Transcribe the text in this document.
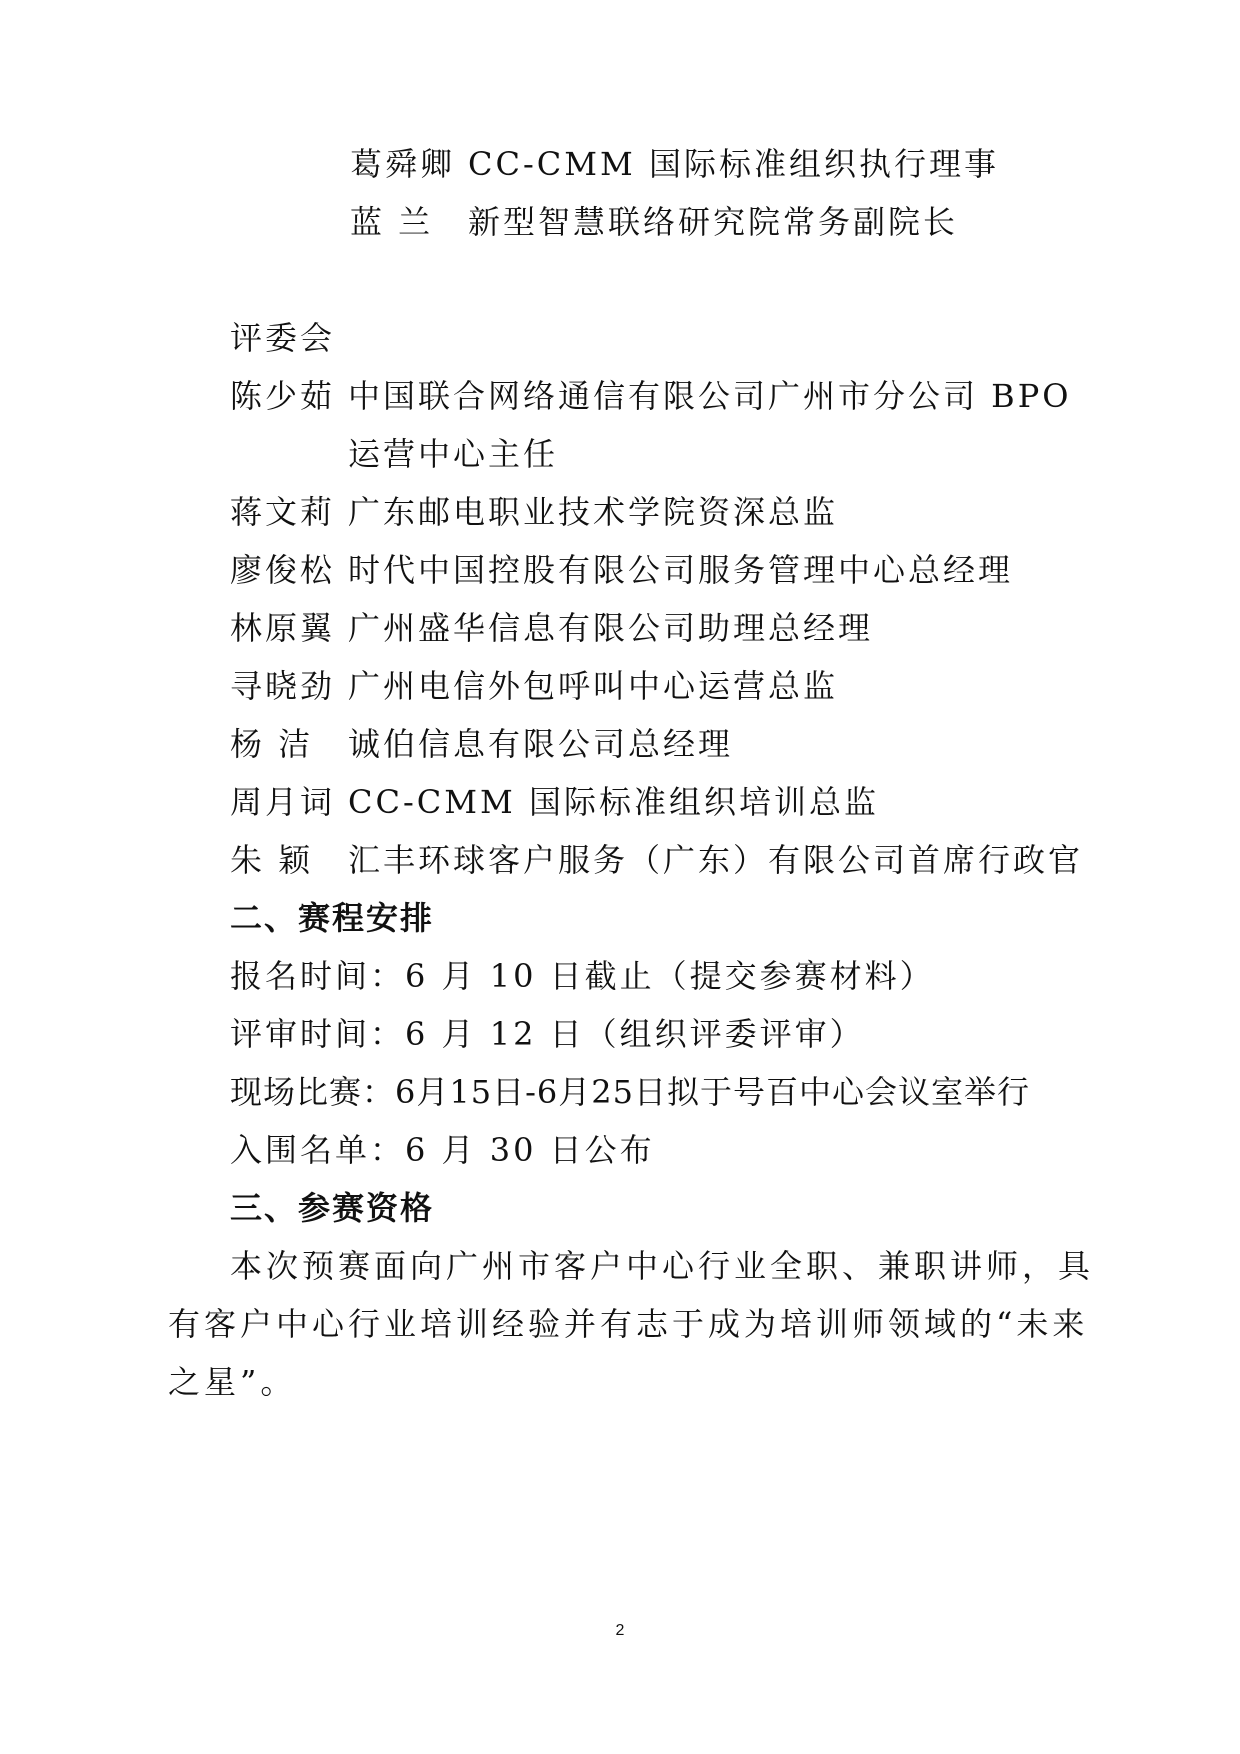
葛舜卿 CC-CMM 国际标准组织执行理事
蓝 兰 新型智慧联络研究院常务副院长
评委会
陈少茹 中国联合网络通信有限公司广州市分公司 BPO
运营中心主任
蒋文莉 广东邮电职业技术学院资深总监
廖俊松 时代中国控股有限公司服务管理中心总经理
林原翼 广州盛华信息有限公司助理总经理
寻晓劲 广州电信外包呼叫中心运营总监
杨 洁 诚伯信息有限公司总经理
周月词 CC-CMM 国际标准组织培训总监
朱 颖 汇丰环球客户服务（广东）有限公司首席行政官
二、赛程安排
报名时间：6 月 10 日截止（提交参赛材料）
评审时间：6 月 12 日（组织评委评审）
现场比赛：6月15日-6月25日拟于号百中心会议室举行
入围名单：6 月 30 日公布
三、参赛资格
本次预赛面向广州市客户中心行业全职、兼职讲师，具
有客户中心行业培训经验并有志于成为培训师领域的“未来
之星”。
2
